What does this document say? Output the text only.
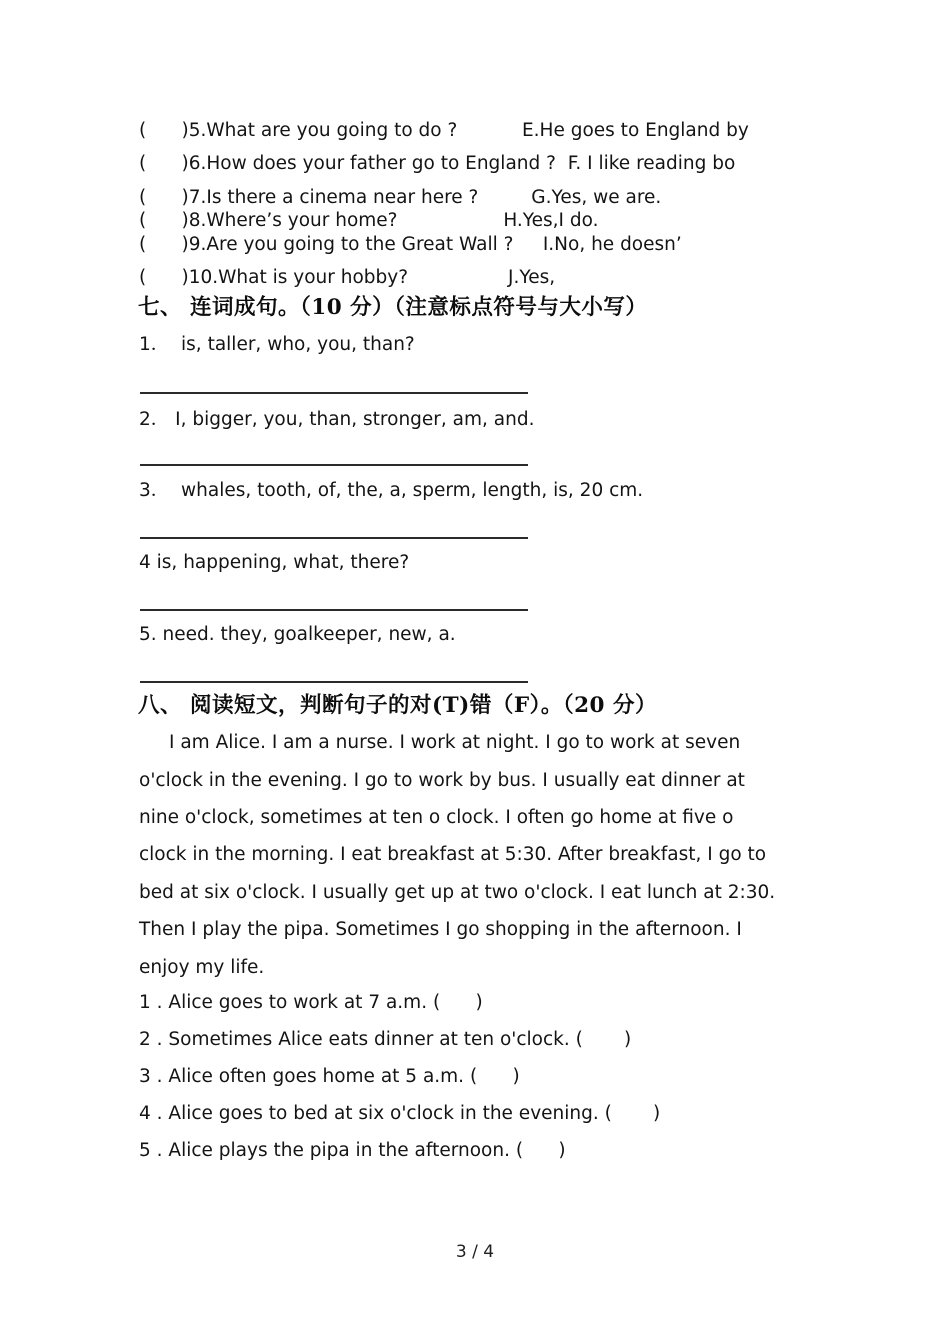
(      )5.What are you going to do ?           E.He goes to England by
(      )6.How does your father go to England ?  F. I like reading bo
(      )7.Is there a cinema near here ?         G.Yes, we are.
(      )8.Where’s your home?                  H.Yes,I do.
(      )9.Are you going to the Great Wall ?     I.No, he doesn’
(      )10.What is your hobby?                 J.Yes,
七、 连词成句。（10 分）（注意标点符号与大小写）
1．  is, taller, who, you, than?
2． I, bigger, you, than, stronger, am, and.
3．  whales, tooth, of, the, a, sperm, length, is, 20 cm.
4 is, happening, what, there?
5. need. they, goalkeeper, new, a.
八、 阅读短文，判断句子的对(T)错（F）。（20 分）
I am Alice. I am a nurse. I work at night. I go to work at seven
o'clock in the evening. I go to work by bus. I usually eat dinner at
nine o'clock, sometimes at ten o clock. I often go home at five o
clock in the morning. I eat breakfast at 5:30. After breakfast, I go to
bed at six o'clock. I usually get up at two o'clock. I eat lunch at 2:30.
Then I play the pipa. Sometimes I go shopping in the afternoon. I
enjoy my life.
1 . Alice goes to work at 7 a.m. (      )
2 . Sometimes Alice eats dinner at ten o'clock. (       )
3 . Alice often goes home at 5 a.m. (      )
4 . Alice goes to bed at six o'clock in the evening. (       )
5 . Alice plays the pipa in the afternoon. (      )
3 / 4
